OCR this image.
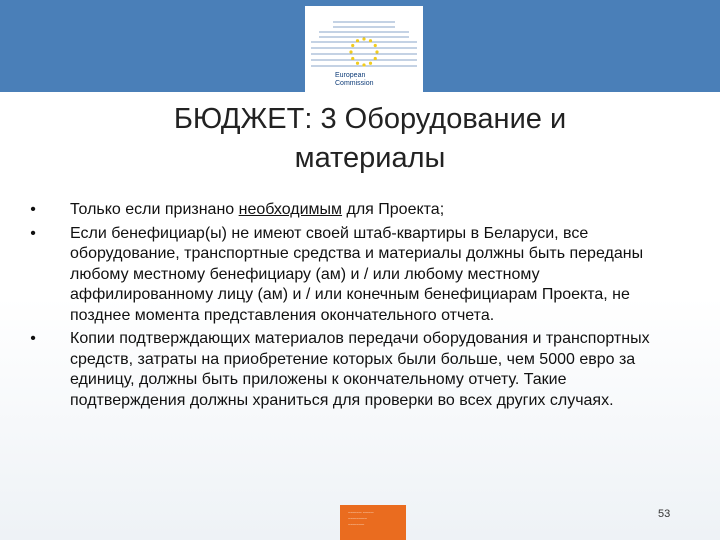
European
Commission
БЮДЖЕТ: 3 Оборудование и материалы
• Только если признано необходимым для Проекта;
• Если бенефициар(ы) не имеют своей штаб-квартиры в Беларуси, все оборудование, транспортные средства и материалы должны быть переданы любому местному бенефициару (ам) и / или любому местному аффилированному лицу (ам) и / или конечным бенефициарам Проекта, не позднее момента представления окончательного отчета.
• Копии подтверждающих материалов передачи оборудования и транспортных средств, затраты на приобретение которых были больше, чем 5000 евро за единицу, должны быть приложены к окончательному отчету. Такие подтверждения должны храниться для проверки во всех других случаях.
~~~~~ ~~~~
~~~~~~~
~~~~~~
53
